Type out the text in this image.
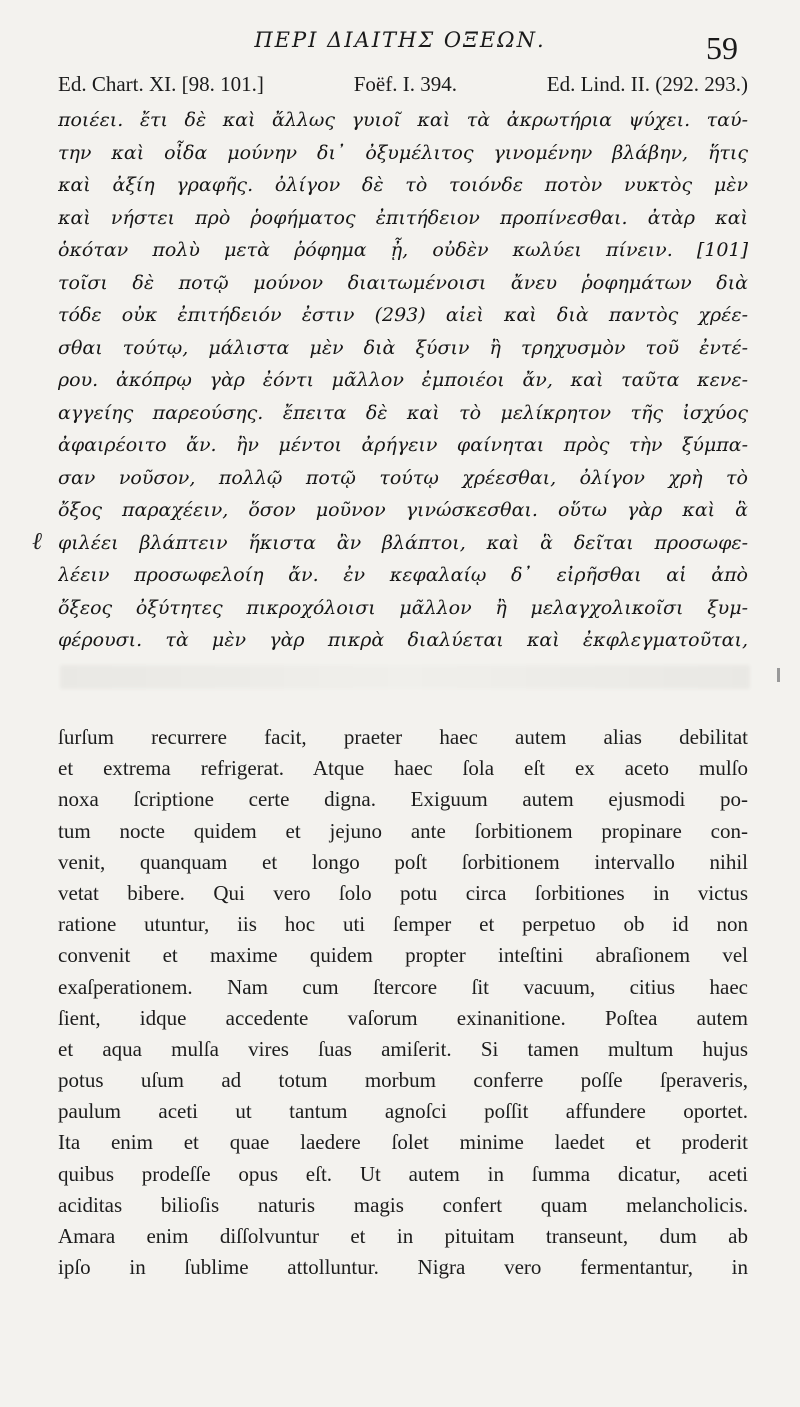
ΠΕΡΙ ΔΙΑΙΤΗΣ ΟΞΕΩΝ.	59
Ed. Chart. XI. [98. 101.]	Foëf. I. 394.	Ed. Lind. II. (292. 293.)
ℓ
ποιέει. ἔτι δὲ καὶ ἄλλως γυιοῖ καὶ τὰ ἀκρωτήρια ψύχει. ταύ-
την καὶ οἶδα μούνην δι᾽ ὀξυμέλιτος γινομένην βλάβην, ἥτις
καὶ ἀξίη γραφῆς. ὀλίγον δὲ τὸ τοιόνδε ποτὸν νυκτὸς μὲν
καὶ νήστει πρὸ ῥοφήματος ἐπιτήδειον προπίνεσθαι. ἀτὰρ καὶ
ὁκόταν πολὺ μετὰ ῥόφημα ᾖ, οὐδὲν κωλύει πίνειν. [101]
τοῖσι δὲ ποτῷ μούνον διαιτωμένοισι ἄνευ ῥοφημάτων διὰ
τόδε οὐκ ἐπιτήδειόν ἐστιν (293) αἰεὶ καὶ διὰ παντὸς χρέε-
σθαι τούτῳ, μάλιστα μὲν διὰ ξύσιν ἢ τρηχυσμὸν τοῦ ἐντέ-
ρου. ἀκόπρῳ γὰρ ἐόντι μᾶλλον ἐμποιέοι ἄν, καὶ ταῦτα κενε-
αγγείης παρεούσης. ἔπειτα δὲ καὶ τὸ μελίκρητον τῆς ἰσχύος
ἀφαιρέοιτο ἄν. ἢν μέντοι ἀρήγειν φαίνηται πρὸς τὴν ξύμπα-
σαν νοῦσον, πολλῷ ποτῷ τούτῳ χρέεσθαι, ὀλίγον χρὴ τὸ
ὄξος παραχέειν, ὅσον μοῦνον γινώσκεσθαι. οὕτω γὰρ καὶ ἃ
φιλέει βλάπτειν ἥκιστα ἂν βλάπτοι, καὶ ἃ δεῖται προσωφε-
λέειν προσωφελοίη ἄν. ἐν κεφαλαίῳ δ᾽ εἰρῆσθαι αἱ ἀπὸ
ὄξεος ὀξύτητες πικροχόλοισι μᾶλλον ἢ μελαγχολικοῖσι ξυμ-
φέρουσι. τὰ μὲν γὰρ πικρὰ διαλύεται καὶ ἐκφλεγματοῦται,
ſurſum recurrere facit, praeter haec autem alias debilitat
et extrema refrigerat. Atque haec ſola eſt ex aceto mulſo
noxa ſcriptione certe digna. Exiguum autem ejusmodi po-
tum nocte quidem et jejuno ante ſorbitionem propinare con-
venit, quanquam et longo poſt ſorbitionem intervallo nihil
vetat bibere. Qui vero ſolo potu circa ſorbitiones in victus
ratione utuntur, iis hoc uti ſemper et perpetuo ob id non
convenit et maxime quidem propter inteſtini abraſionem vel
exaſperationem. Nam cum ſtercore ſit vacuum, citius haec
ſient, idque accedente vaſorum exinanitione. Poſtea autem
et aqua mulſa vires ſuas amiſerit. Si tamen multum hujus
potus uſum ad totum morbum conferre poſſe ſperaveris,
paulum aceti ut tantum agnoſci poſſit affundere oportet.
Ita enim et quae laedere ſolet minime laedet et proderit
quibus prodeſſe opus eſt. Ut autem in ſumma dicatur, aceti
aciditas bilioſis naturis magis confert quam melancholicis.
Amara enim diſſolvuntur et in pituitam transeunt, dum ab
ipſo in ſublime attolluntur. Nigra vero fermentantur, in
